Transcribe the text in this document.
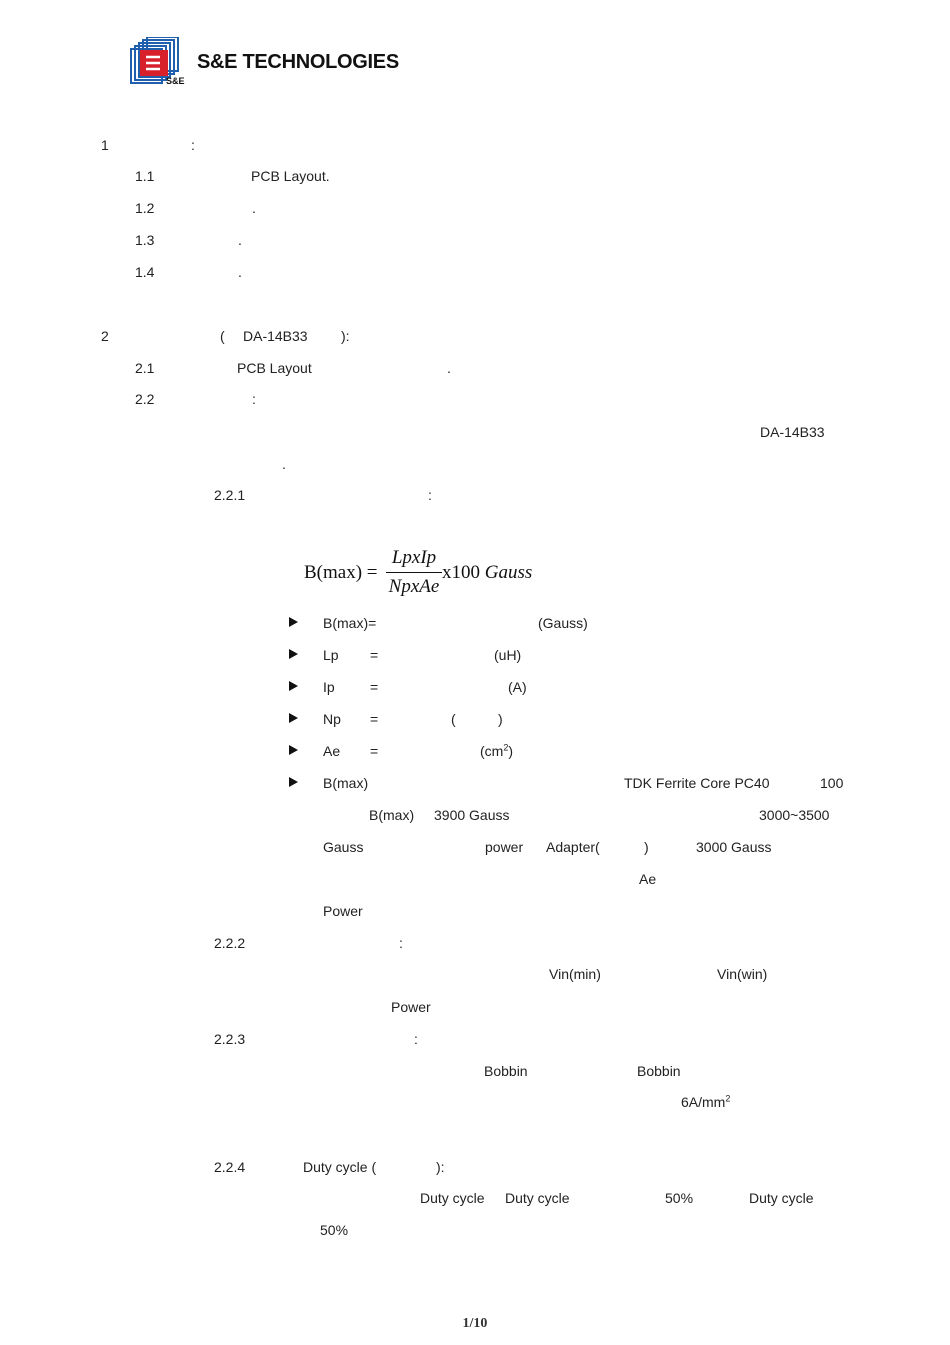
S&E
S&E TECHNOLOGIES
1	:
1.1	PCB Layout.
1.2	.
1.3	.
1.4	.
2	( DA-14B33 ):
2.1	PCB Layout	.
2.2	:
DA-14B33
.
2.2.1	:
B(max) =
LpxIp
NpxAe
x100 Gauss
B(max)=	(Gauss)
Lp =	(uH)
Ip	=	(A)
Np =	(	)
Ae =	$(cm^2)$
B(max)	TDK Ferrite Core PC40	100
B(max) 3900 Gauss	3000~3500
Gauss	power Adapter(	)	3000 Gauss
Ae
Power
2.2.2	:
Vin(min)	Vin(win)
Power
2.2.3	:
Bobbin	Bobbin
$6A/mm^2$
2.2.4	Duty cycle (	):
Duty cycle Duty cycle	50%	Duty cycle
50%
1/10
